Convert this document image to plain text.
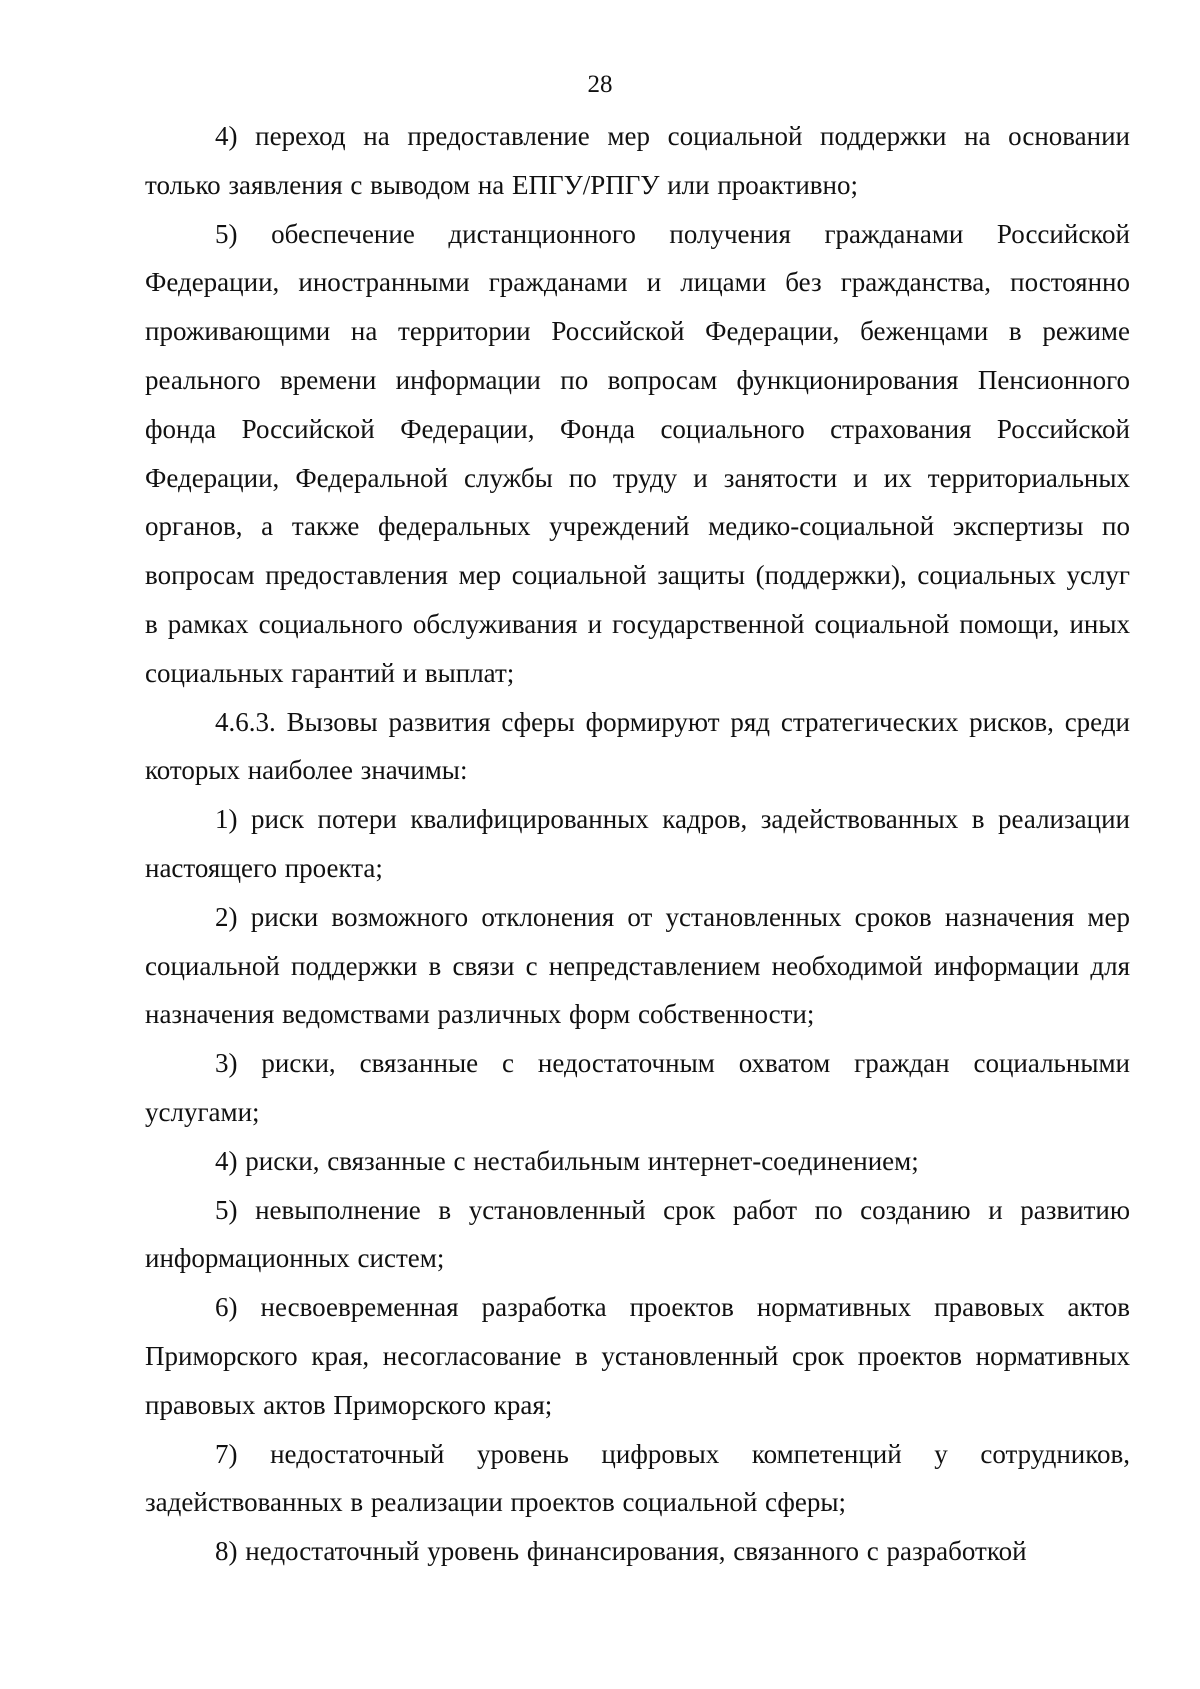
28

4) переход на предоставление мер социальной поддержки на основании только заявления с выводом на ЕПГУ/РПГУ или проактивно;

5) обеспечение дистанционного получения гражданами Российской Федерации, иностранными гражданами и лицами без гражданства, постоянно проживающими на территории Российской Федерации, беженцами в режиме реального времени информации по вопросам функционирования Пенсионного фонда Российской Федерации, Фонда социального страхования Российской Федерации, Федеральной службы по труду и занятости и их территориальных органов, а также федеральных учреждений медико-социальной экспертизы по вопросам предоставления мер социальной защиты (поддержки), социальных услуг в рамках социального обслуживания и государственной социальной помощи, иных социальных гарантий и выплат;

4.6.3. Вызовы развития сферы формируют ряд стратегических рисков, среди которых наиболее значимы:

1) риск потери квалифицированных кадров, задействованных в реализации настоящего проекта;

2) риски возможного отклонения от установленных сроков назначения мер социальной поддержки в связи с непредставлением необходимой информации для назначения ведомствами различных форм собственности;

3) риски, связанные с недостаточным охватом граждан социальными услугами;

4) риски, связанные с нестабильным интернет-соединением;

5) невыполнение в установленный срок работ по созданию и развитию информационных систем;

6) несвоевременная разработка проектов нормативных правовых актов Приморского края, несогласование в установленный срок проектов нормативных правовых актов Приморского края;

7) недостаточный уровень цифровых компетенций у сотрудников, задействованных в реализации проектов социальной сферы;

8) недостаточный уровень финансирования, связанного с разработкой
